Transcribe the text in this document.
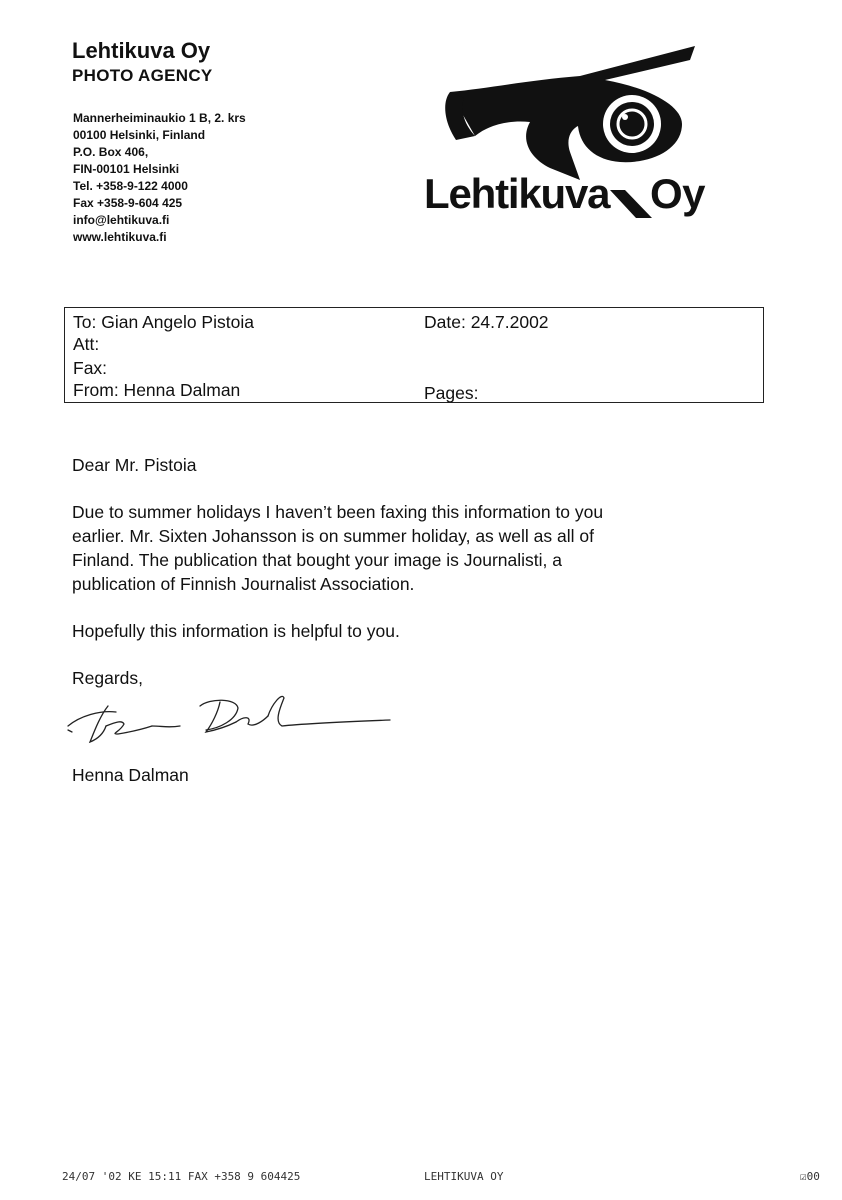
Lehtikuva Oy
PHOTO AGENCY
Mannerheiminaukio 1 B, 2. krs
00100 Helsinki, Finland
P.O. Box 406,
FIN-00101 Helsinki
Tel. +358-9-122 4000
Fax +358-9-604 425
info@lehtikuva.fi
www.lehtikuva.fi
Lehtikuva Oy
To: Gian Angelo Pistoia
Att:
Fax:
From: Henna Dalman
Date: 24.7.2002
Pages:
Dear Mr. Pistoia
Due to summer holidays I haven’t been faxing this information to you
earlier. Mr. Sixten Johansson is on summer holiday, as well as all of
Finland. The publication that bought your image is Journalisti, a
publication of Finnish Journalist Association.
Hopefully this information is helpful to you.
Regards,
Henna Dalman
24/07 '02 KE 15:11 FAX +358 9 604425	LEHTIKUVA OY	☑00
